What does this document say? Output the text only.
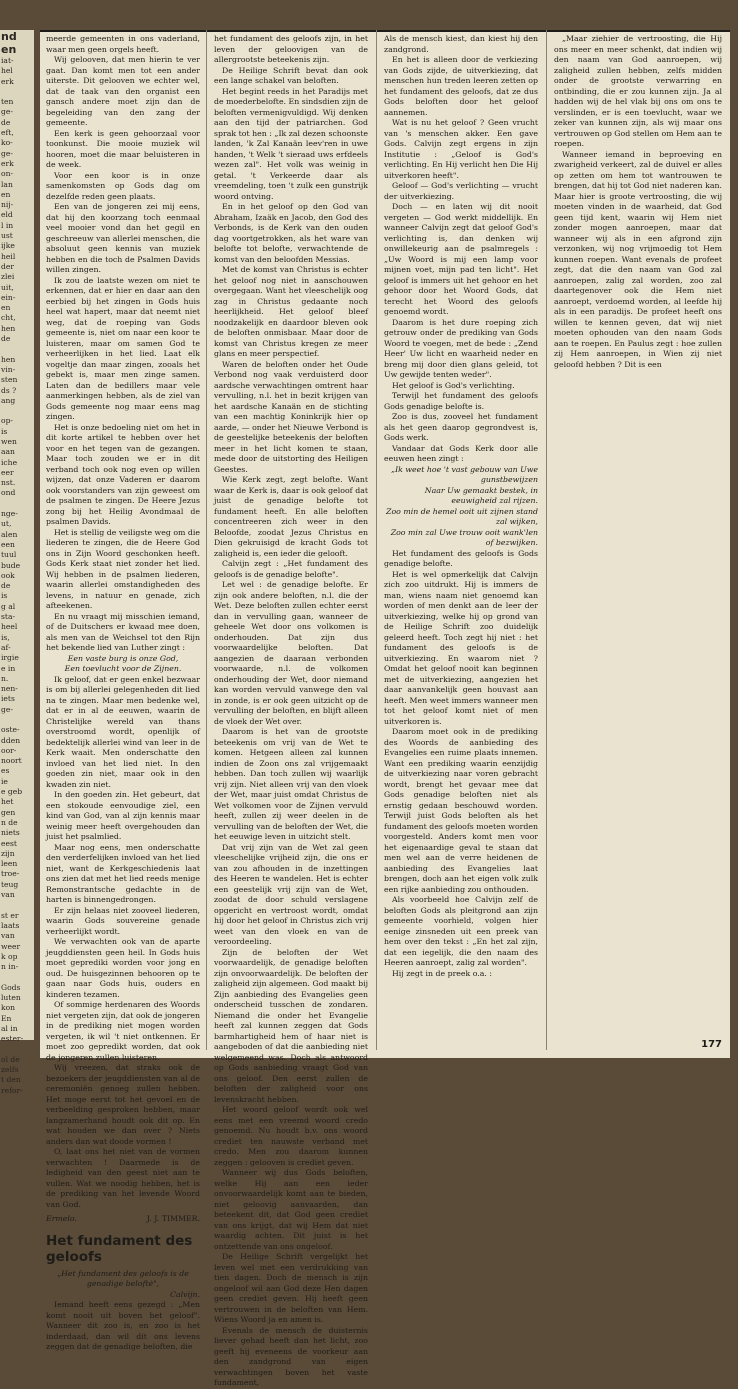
nd
en
iat-
hel
erk

ten
ge-
de
eft,
ko-
ge-
erk
on-
lan
en
nij-
eld
l in
ust
ijke
heil
der
zlei
uit,
ein-
en
cht,
hen
de

hen
vin-
sten
ds ?
ang

op-
is
wen
aan
iche
eer
nst.
ond

nge-
ut,
alen
een
tuul
bude
ook
de
is
g al
sta-
heel
is,
af-
irgie
e in
n.
nen-
iets
ge-

oste-
dden
oor-
noort
es
ie
e geb
het
gen
n de
niets
eest
zijn
leen
troe-
teug
van

st er
laats
van
weer
k op
n in-

Gods
luten
kon
En
al in
ester-

ol de
zelfs
t den
refor-

meerde gemeenten in ons vaderland, waar men geen orgels heeft.

Wij gelooven, dat men hierin te ver gaat. Dan komt men tot een ander uiterste. Dit gelooven we echter wel, dat de taak van den organist een gansch andere moet zijn dan de begeleiding van den zang der gemeente.

Een kerk is geen gehoorzaal voor toonkunst. Die mooie muziek wil hooren, moet die maar beluisteren in de week.

Voor een koor is in onze samenkomsten op Gods dag om dezelfde reden geen plaats.

Een van de jongeren zei mij eens, dat hij den koorzang toch eenmaal veel mooier vond dan het gegil en geschreeuw van allerlei menschen, die absoluut geen kennis van muziek hebben en die toch de Psalmen Davids willen zingen.

Ik zou de laatste wezen om niet te erkennen, dat er hier en daar aan den eerbied bij het zingen in Gods huis heel wat hapert, maar dat neemt niet weg, dat de roeping van Gods gemeente is, niet om naar een koor te luisteren, maar om samen God te verheerlijken in het lied. Laat elk vogeltje dan maar zingen, zooals het gebekt is, maar men zinge samen. Laten dan de bedillers maar vele aanmerkingen hebben, als de ziel van Gods gemeente nog maar eens mag zingen.

Het is onze bedoeling niet om het in dit korte artikel te hebben over het voor en het tegen van de gezangen. Maar toch zouden we er in dit verband toch ook nog even op willen wijzen, dat onze Vaderen er daarom ook voorstanders van zijn geweest om de psalmen te zingen. De Heere Jezus zong bij het Heilig Avondmaal de psalmen Davids.

Het is stellig de veiligste weg om die liederen te zingen, die de Heere God ons in Zijn Woord geschonken heeft. Gods Kerk staat niet zonder het lied. Wij hebben in de psalmen liederen, waarin allerlei omstandigheden des levens, in natuur en genade, zich afteekenen.

En nu vraagt mij misschien iemand, of de Duitschers er kwaad mee doen, als men van de Weichsel tot den Rijn het bekende lied van Luther zingt :

Een vaste burg is onze God,

Een toevlucht voor de Zijnen.

Ik geloof, dat er geen enkel bezwaar is om bij allerlei gelegenheden dit lied na te zingen. Maar men bedenke wel, dat er in al de eeuwen, waarin de Christelijke wereld van thans overstroomd wordt, openlijk of bedektelijk allerlei wind van leer in de Kerk waait. Men onderschatte den invloed van het lied niet. In den goeden zin niet, maar ook in den kwaden zin niet.

In den goeden zin. Het gebeurt, dat een stokoude eenvoudige ziel, een kind van God, van al zijn kennis maar weinig meer heeft overgehouden dan juist het psalmlied.

Maar nog eens, men onderschatte den verderfelijken invloed van het lied niet, want de Kerkgeschiedenis laat ons zien dat met het lied reeds menige Remonstrantsche gedachte in de harten is binnengedrongen.

Er zijn helaas niet zooveel liederen, waarin Gods souvereine genade verheerlijkt wordt.

We verwachten ook van de aparte jeugddiensten geen heil. In Gods huis moet geprediki worden voor jong en oud. De huisgezinnen behooren op te gaan naar Gods huis, ouders en kinderen tezamen.

Of sommige herdenaren des Woords niet vergeten zijn, dat ook de jongeren in de prediking niet mogen worden vergeten, ik wil 't niet ontkennen. Er moet zoo gepredikt worden, dat ook de jongeren zullen luisteren.

Wij vreezen, dat straks ook de bezoekers der jeugddiensten van al de ceremoniën genoeg zullen hebben. Het moge eerst tot het gevoel en de verbeelding gesproken hebben, maar langzamerhand houdt ook dit op. En wat houden we dan over ? Niets anders dan wat doode vormen !

O, laat ons het niet van de vormen verwachten ! Daarmede is de ledigheid van den geest niet aan te vullen. Wat we noodig hebben, het is de prediking van het levende Woord van God.

Ermelo.	J. J. TIMMER.

Het fundament des geloofs

„Het fundament des geloofs is de genadige beloftė",

Calvijn.

Iemand heeft eens gezegd : „Men komt nooit uit boven het geloof". Wanneer dit zoo is, en zoo is het inderdaad, dan wil dit ons levens zeggen dat de genadige beloften, die

het fundament des geloofs zijn, in het leven der geloovigen van de allergrootste beteekenis zijn.

De Heilige Schrift bevat dan ook een lange schakel van beloften.

Het begint reeds in het Paradijs met de moederbelofte. En sindsdien zijn de beloften vermenigvuldigd. Wij denken aan den tijd der patriarchen. God sprak tot hen : „Ik zal dezen schoonste landen, 'k Zal Kanaän leev'ren in uwe handen, 't Welk 't sieraad uws erfdeels wezen zal". Het volk was weinig in getal. 't Verkeerde daar als vreemdeling, toen 't zulk een gunstrijk woord ontving.

En in het geloof op den God van Abraham, Izaäk en Jacob, den God des Verbonds, is de Kerk van den ouden dag voortgetrokken, als het ware van belofte tot belofte, verwachtende de komst van den beloofden Messias.

Met de komst van Christus is echter het geloof nog niet in aanschouwen overgegaan. Want het vleeschelijk oog zag in Christus gedaante noch heerlijkheid. Het geloof bleef noodzakelijk en daardoor bleven ook de beloften onmisbaar. Maar door de komst van Christus kregen ze meer glans en meer perspectief.

Waren de beloften onder het Oude Verbond nog vaak verduisterd door aardsche verwachtingen omtrent haar vervulling, n.l. het in bezit krijgen van het aardsche Kanaän en de stichting van een machtig Koninkrijk hier op aarde, — onder het Nieuwe Verbond is de geestelijke beteekenis der beloften meer in het licht komen te staan, mede door de uitstorting des Heiligen Geestes.

Wie Kerk zegt, zegt belofte. Want waar de Kerk is, daar is ook geloof dat juist de genadige belofte tot fundament heeft. En alle beloften concentreeren zich weer in den Beloofde, zoodat Jezus Christus en Dien gekruisigd de kracht Gods tot zaligheid is, een ieder die gelooft.

Calvijn zegt : „Het fundament des geloofs is de genadige belofte".

Let wel : de genadige belofte. Er zijn ook andere beloften, n.l. die der Wet. Deze beloften zullen echter eerst dan in vervulling gaan, wanneer de geheele Wet door ons volkomen is onderhouden. Dat zijn dus voorwaardelijke beloften. Dat aangezien de daaraan verbonden voorwaarde, n.l. de volkomen onderhouding der Wet, door niemand kan worden vervuld vanwege den val in zonde, is er ook geen uitzicht op de vervulling der beloften, en blijft alleen de vloek der Wet over.

Daarom is het van de grootste beteekenis om vrij van de Wet te komen. Hetgeen alleen zal kunnen indien de Zoon ons zal vrijgemaakt hebben. Dan toch zullen wij waarlijk vrij zijn. Niet alleen vrij van den vloek der Wet, maar juist omdat Christus de Wet volkomen voor de Zijnen vervuld heeft, zullen zij weer deelen in de vervulling van de beloften der Wet, die het eeuwige leven in uitzicht stelt.

Dat vrij zijn van de Wet zal geen vleeschelijke vrijheid zijn, die ons er van zou afhouden in de inzettingen des Heeren te wandelen. Het is echter een geestelijk vrij zijn van de Wet, zoodat de door schuld verslagene opgericht en vertroost wordt, omdat hij door het geloof in Christus zich vrij weet van den vloek en van de veroordeeling.

Zijn de beloften der Wet voorwaardelijk, de genadige beloften zijn onvoorwaardelijk. De beloften der zaligheid zijn algemeen. God maakt bij Zijn aanbieding des Evangelies geen onderscheid tusschen de zondaren. Niemand die onder het Evangelie heeft zal kunnen zeggen dat Gods barmhartigheid hem of haar niet is aangeboden of dat die aanbieding niet welgemeend was. Doch als antwoord op Gods aanbieding vraagt God van ons geloof. Den eerst zullen de beloften der zaligheid voor ons levenskracht hebben.

Het woord geloof wordt ook wel eens met een vreemd woord credo genoemd. Nu houdt b.v. ons woord crediet ten nauwste verband met credo. Men zou daarom kunnen zeggen : gelooven is crediet geven.

Wanneer wij dus Gods beloften, welke Hij aan een ieder onvoorwaardelijk komt aan te bieden, niet gelooviġ aanvaarden, dan beteekent dit, dat God geen crediet van ons krijgt, dat wij Hem dat niet waardig achten. Dit juist is het ontzettende van ons ongeloof.

De Heilige Schrift vergelijkt het leven wel met een verdrukking van tien dagen. Doch de mensch is zijn ongeloof wil aan God deze Hen dagen geen crediet geven. Hij heeft geen vertrouwen in de beloften van Hem. Wiens Woord ja en amen is.

Evenals de mensch de duisternis liever gehad heeft dan het licht, zoo geeft hij eveneens de voorkeur aan den zandgrond van eigen verwachtingen boven het vaste fundament,

Als de mensch kiest, dan kiest hij den zandgrond.

En het is alleen door de verkiezing van Gods zijde, de uitverkiezing, dat menschen hun treden leeren zetten op het fundament des geloofs, dat ze dus Gods beloften door het geloof aannemen.

Wat is nu het geloof ? Geen vrucht van 's menschen akker. Een gave Gods. Calvijn zegt ergens in zijn Institutie : „Geloof is God's verlichting. En Hij verlicht hen Die Hij uitverkoren heeft".

Geloof — God's verlichting — vrucht der uitverkiezing.

Doch — en laten wij dit nooit vergeten — God werkt middellijk. En wanneer Calvijn zegt dat geloof God's verlichting is, dan denken wij onwillekeurig aan de psalmregels : „Uw Woord is mij een lamp voor mijnen voet, mijn pad ten licht". Het geloof is immers uit het gehoor en het gehoor door het Woord Gods, dat terecht het Woord des geloofs genoemd wordt.

Daarom is het dure roeping zich getrouw onder de prediking van Gods Woord te voegen, met de bede : „Zend Heer' Uw licht en waarheid neder en breng mij door dien glans geleid, tot Uw gewijde tenten weder".

Het geloof is God's verlichting.

Terwijl het fundament des geloofs Gods genadige belofte is.

Zoo is dus, zooveel het fundament als het geen daarop gegrondvest is, Gods werk.

Vandaar dat Gods Kerk door alle eeuwen heen zingt :

„Ik weet hoe 't vast gebouw van Uwe gunstbewijzen

Naar Uw gemaakt bestek, in eeuwigheid zal rijzen.

Zoo min de hemel ooit uit zijnen stand zal wijken,

Zoo min zal Uwe trouw ooit wank'len of bezwijken.

Het fundament des geloofs is Gods genadige belofte.

Het is wel opmerkelijk dat Calvijn zich zoo uitdrukt. Hij is immers de man, wiens naam niet genoemd kan worden of men denkt aan de leer der uitverkiezing, welke hij op grond van de Heilige Schrift zoo duidelijk geleerd heeft. Toch zegt hij niet : het fundament des geloofs is de uitverkiezing. En waarom niet ? Omdat het geloof nooit kan beginnen met de uitverkiezing, aangezien het daar aanvankelijk geen houvast aan heeft. Men weet immers wanneer men tot het geloof komt niet of men uitverkoren is.

Daarom moet ook in de prediking des Woords de aanbieding des Evangelies een ruime plaats innemen. Want een prediking waarin eenzijdig de uitverkiezing naar voren gebracht wordt, brengt het gevaar mee dat Gods genadige beloften niet als ernstig gedaan beschouwd worden. Terwijl juist Gods beloften als het fundament des geloofs moeten worden voorgesteld. Anders komt men voor het eigenaardige geval te staan dat men wel aan de verre heidenen de aanbieding des Evangelies laat brengen, doch aan het eigen volk zulk een rijke aanbieding zou onthouden.

Als voorbeeld hoe Calvijn zelf de beloften Gods als pleitgrond aan zijn gemeente voorhield, volgen hier eenige zinsneden uit een preek van hem over den tekst : „En het zal zijn, dat een iegelijk, die den naam des Heeren aanroept, zalig zal worden".

Hij zegt in de preek o.a. :

„Maar ziehier de vertroosting, die Hij ons meer en meer schenkt, dat indien wij den naam van God aanroepen, wij zaligheid zullen hebben, zelfs midden onder de grootste verwarring en ontbinding, die er zou kunnen zijn. Ja al hadden wij de hel vlak bij ons om ons te verslinden, er is een toevlucht, waar we zeker van kunnen zijn, als wij maar ons vertrouwen op God stellen om Hem aan te roepen.

Wanneer iemand in beproeving en zwarigheid verkeert, zal de duivel er alles op zetten om hem tot wantrouwen te brengen, dat hij tot God niet naderen kan. Maar hier is groote vertroosting, die wij moeten vinden in de waarheid, dat God geen tijd kent, waarin wij Hem niet zonder mogen aanroepen, maar dat wanneer wij als in een afgrond zijn verzonken, wij nog vrijmoedig tot Hem kunnen roepen. Want evenals de profeet zegt, dat die den naam van God zal aanroepen, zalig zal worden, zoo zal daartegenover ook die Hem niet aanroept, verdoemd worden, al leefde hij als in een paradijs. De profeet heeft ons willen te kennen geven, dat wij niet moeten ophouden van den naam Gods aan te roepen. En Paulus zegt : hoe zullen zij Hem aanroepen, in Wien zij niet geloofd hebben ? Dit is een

177
